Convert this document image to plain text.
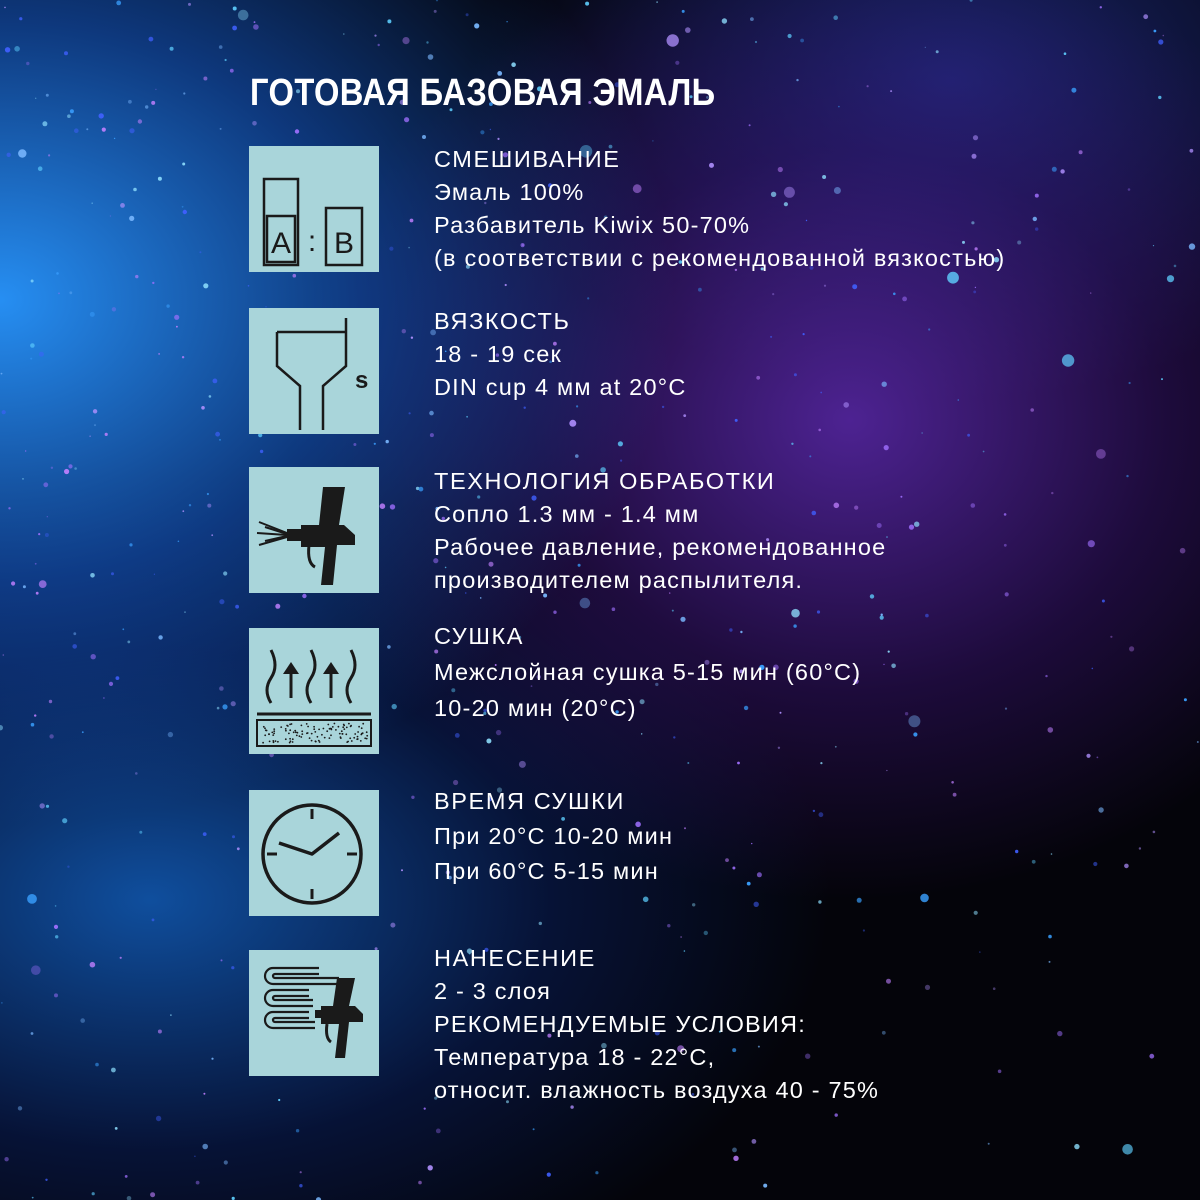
ГОТОВАЯ БАЗОВАЯ ЭМАЛЬ
A : B
СМЕШИВАНИЕ
Эмаль 100%
Разбавитель Kiwix 50-70%
(в соответствии с рекомендованной вязкостью)
s
ВЯЗКОСТЬ
18 - 19 сек
DIN cup 4 мм at 20°C
ТЕХНОЛОГИЯ ОБРАБОТКИ
Сопло 1.3 мм - 1.4 мм
Рабочее давление, рекомендованное
производителем распылителя.
СУШКА
Межслойная сушка 5-15 мин (60°С)
10-20 мин (20°С)
ВРЕМЯ СУШКИ
При 20°С 10-20 мин
При 60°С 5-15 мин
НАНЕСЕНИЕ
2 - 3 слоя
РЕКОМЕНДУЕМЫЕ УСЛОВИЯ:
Температура 18 - 22°C,
относит. влажность воздуха 40 - 75%
